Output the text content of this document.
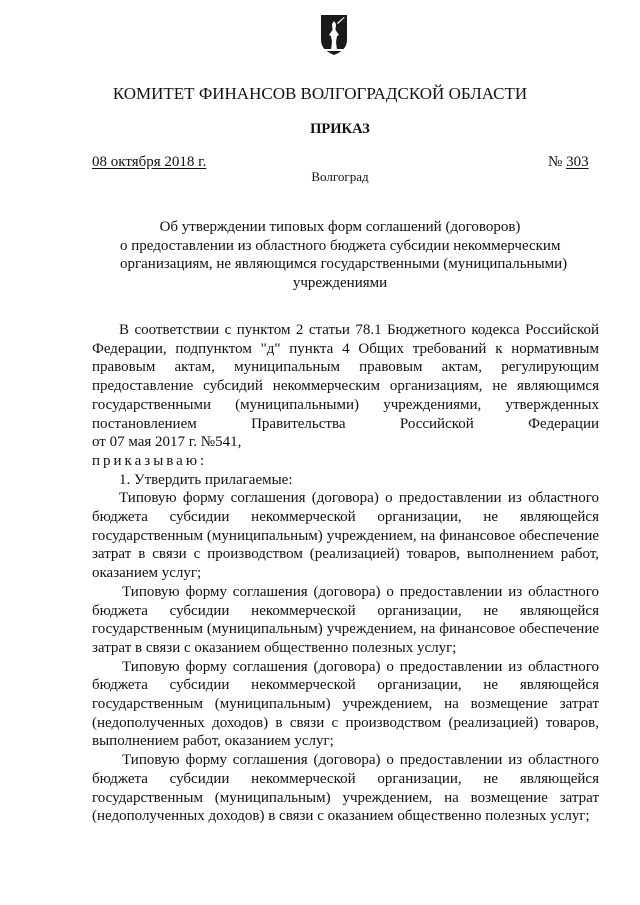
КОМИТЕТ ФИНАНСОВ ВОЛГОГРАДСКОЙ ОБЛАСТИ
ПРИКАЗ
08 октября 2018 г.	№ 303
Волгоград
Об утверждении типовых форм соглашений (договоров)
о предоставлении из областного бюджета субсидии некоммерческим
организациям, не являющимся государственными (муниципальными)
учреждениями

В соответствии с пунктом 2 статьи 78.1 Бюджетного кодекса Российской Федерации, подпунктом "д" пункта 4 Общих требований к нормативным правовым актам, муниципальным правовым актам, регулирующим предоставление субсидий некоммерческим организациям, не являющимся государственными (муниципальными) учреждениями, утвержденных постановлением Правительства Российской Федерации

от 07 мая 2017 г. №541,

приказываю:

1. Утвердить прилагаемые:

Типовую форму соглашения (договора) о предоставлении из областного бюджета субсидии некоммерческой организации, не являющейся государственным (муниципальным) учреждением, на финансовое обеспечение затрат в связи с производством (реализацией) товаров, выполнением работ, оказанием услуг;

Типовую форму соглашения (договора) о предоставлении из областного бюджета субсидии некоммерческой организации, не являющейся государственным (муниципальным) учреждением, на финансовое обеспечение затрат в связи с оказанием общественно полезных услуг;

Типовую форму соглашения (договора) о предоставлении из областного бюджета субсидии некоммерческой организации, не являющейся государственным (муниципальным) учреждением, на возмещение затрат (недополученных доходов) в связи с производством (реализацией) товаров, выполнением работ, оказанием услуг;

Типовую форму соглашения (договора) о предоставлении из областного бюджета субсидии некоммерческой организации, не являющейся государственным (муниципальным) учреждением, на возмещение затрат (недополученных доходов) в связи с оказанием общественно полезных услуг;
